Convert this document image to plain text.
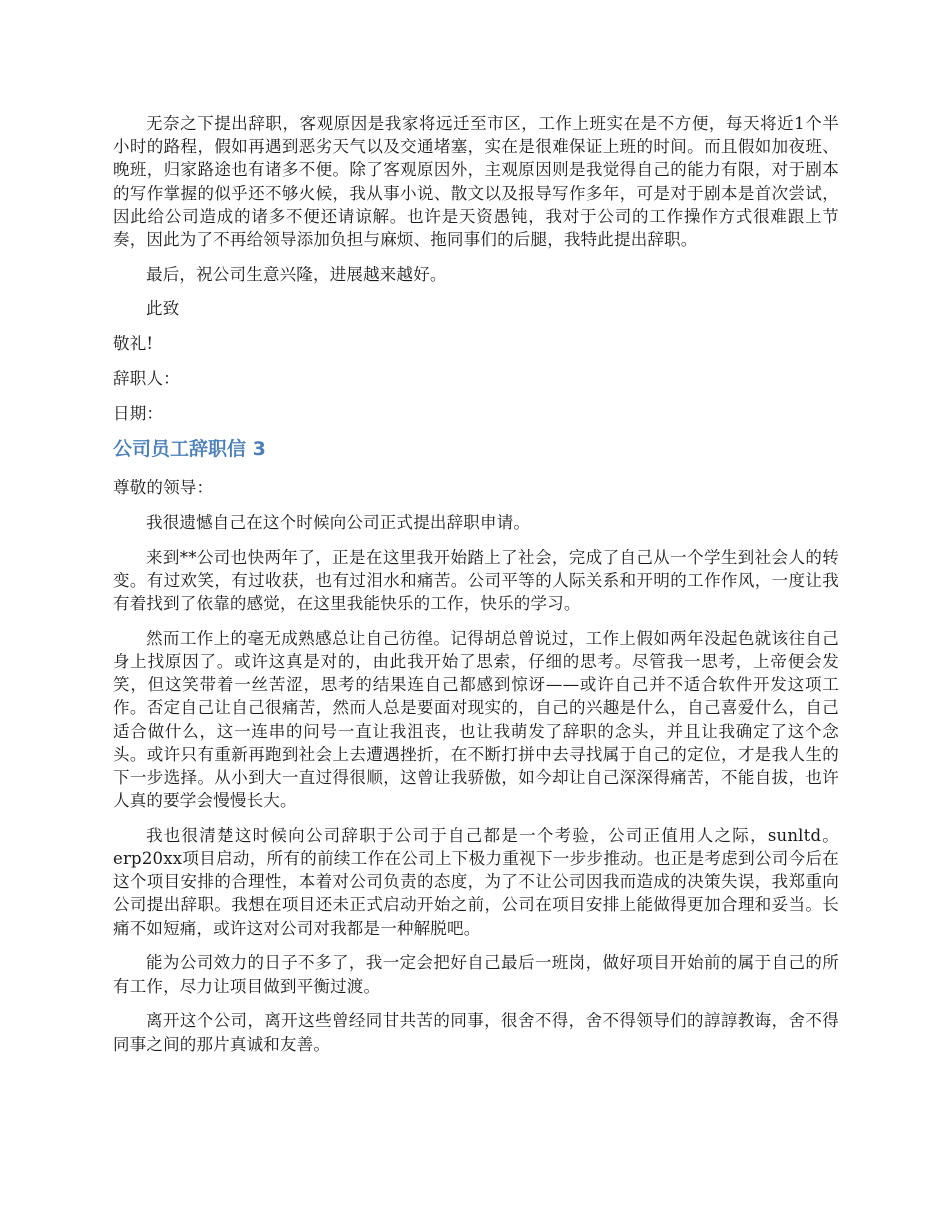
无奈之下提出辞职，客观原因是我家将远迁至市区，工作上班实在是不方便，每天将近1个半小时的路程，假如再遇到恶劣天气以及交通堵塞，实在是很难保证上班的时间。而且假如加夜班、晚班，归家路途也有诸多不便。除了客观原因外，主观原因则是我觉得自己的能力有限，对于剧本的写作掌握的似乎还不够火候，我从事小说、散文以及报导写作多年，可是对于剧本是首次尝试，因此给公司造成的诸多不便还请谅解。也许是天资愚钝，我对于公司的工作操作方式很难跟上节奏，因此为了不再给领导添加负担与麻烦、拖同事们的后腿，我特此提出辞职。

最后，祝公司生意兴隆，进展越来越好。

此致

敬礼!

辞职人：

日期：

公司员工辞职信 3

尊敬的领导：

我很遗憾自己在这个时候向公司正式提出辞职申请。

来到**公司也快两年了，正是在这里我开始踏上了社会，完成了自己从一个学生到社会人的转变。有过欢笑，有过收获，也有过泪水和痛苦。公司平等的人际关系和开明的工作作风，一度让我有着找到了依靠的感觉，在这里我能快乐的工作，快乐的学习。

然而工作上的毫无成熟感总让自己彷徨。记得胡总曾说过，工作上假如两年没起色就该往自己身上找原因了。或许这真是对的，由此我开始了思索，仔细的思考。尽管我一思考，上帝便会发笑，但这笑带着一丝苦涩，思考的结果连自己都感到惊讶——或许自己并不适合软件开发这项工作。否定自己让自己很痛苦，然而人总是要面对现实的，自己的兴趣是什么，自己喜爱什么，自己适合做什么，这一连串的问号一直让我沮丧，也让我萌发了辞职的念头，并且让我确定了这个念头。或许只有重新再跑到社会上去遭遇挫折，在不断打拼中去寻找属于自己的定位，才是我人生的下一步选择。从小到大一直过得很顺，这曾让我骄傲，如今却让自己深深得痛苦，不能自拔，也许人真的要学会慢慢长大。

我也很清楚这时候向公司辞职于公司于自己都是一个考验，公司正值用人之际，sunltd。erp20xx项目启动，所有的前续工作在公司上下极力重视下一步步推动。也正是考虑到公司今后在这个项目安排的合理性，本着对公司负责的态度，为了不让公司因我而造成的决策失误，我郑重向公司提出辞职。我想在项目还未正式启动开始之前，公司在项目安排上能做得更加合理和妥当。长痛不如短痛，或许这对公司对我都是一种解脱吧。

能为公司效力的日子不多了，我一定会把好自己最后一班岗，做好项目开始前的属于自己的所有工作，尽力让项目做到平衡过渡。

离开这个公司，离开这些曾经同甘共苦的同事，很舍不得，舍不得领导们的諄諄教诲，舍不得同事之间的那片真诚和友善。
